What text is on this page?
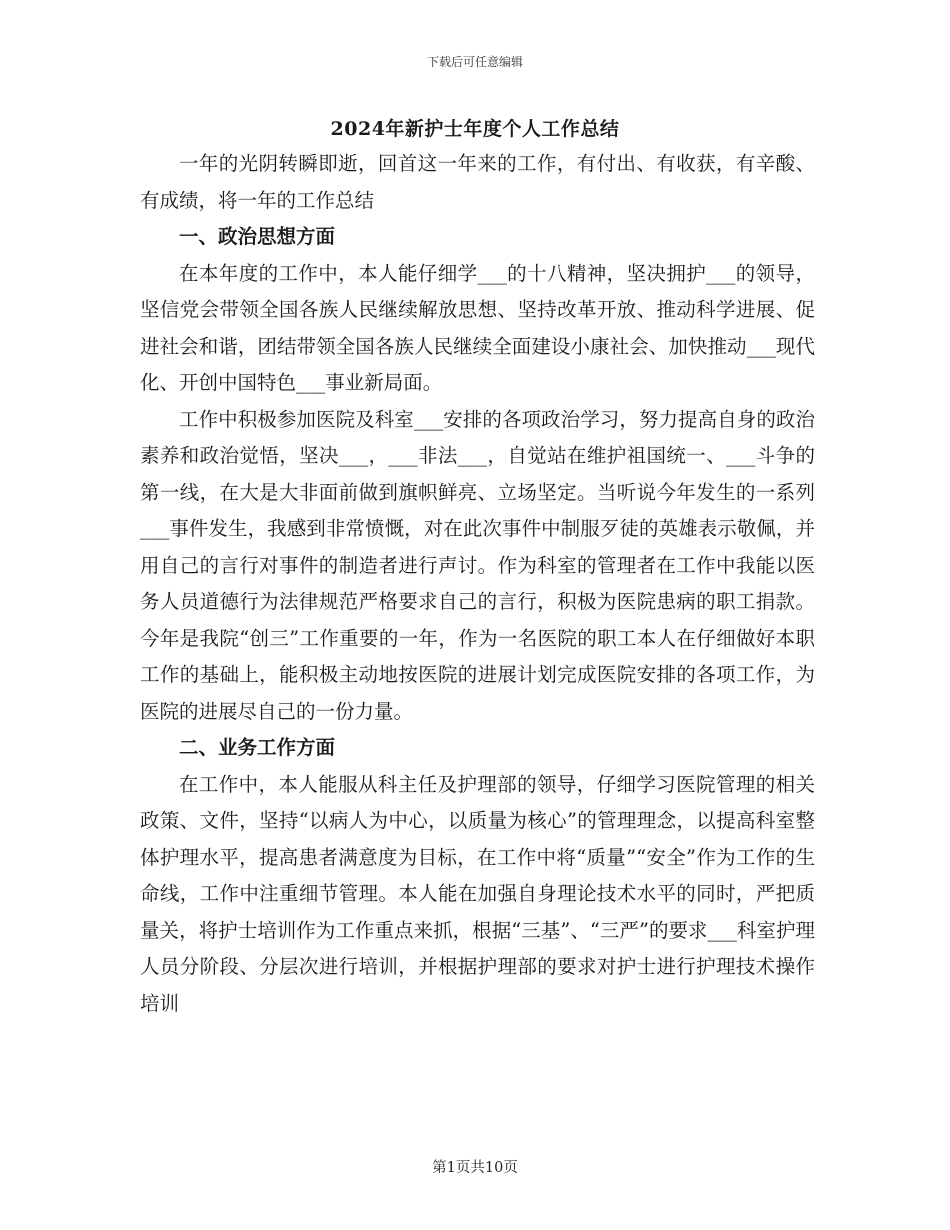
下载后可任意编辑
2024年新护士年度个人工作总结

一年的光阴转瞬即逝，回首这一年来的工作，有付出、有收获，有辛酸、有成绩，将一年的工作总结

一、政治思想方面

在本年度的工作中，本人能仔细学___的十八精神，坚决拥护___的领导，坚信党会带领全国各族人民继续解放思想、坚持改革开放、推动科学进展、促进社会和谐，团结带领全国各族人民继续全面建设小康社会、加快推动___现代化、开创中国特色___事业新局面。

工作中积极参加医院及科室___安排的各项政治学习，努力提高自身的政治素养和政治觉悟，坚决___，___非法___，自觉站在维护祖国统一、___斗争的第一线，在大是大非面前做到旗帜鲜亮、立场坚定。当听说今年发生的一系列___事件发生，我感到非常愤慨，对在此次事件中制服歹徒的英雄表示敬佩，并用自己的言行对事件的制造者进行声讨。作为科室的管理者在工作中我能以医务人员道德行为法律规范严格要求自己的言行，积极为医院患病的职工捐款。今年是我院“创三”工作重要的一年，作为一名医院的职工本人在仔细做好本职工作的基础上，能积极主动地按医院的进展计划完成医院安排的各项工作，为医院的进展尽自己的一份力量。

二、业务工作方面

在工作中，本人能服从科主任及护理部的领导，仔细学习医院管理的相关政策、文件，坚持“以病人为中心，以质量为核心”的管理理念，以提高科室整体护理水平，提高患者满意度为目标，在工作中将“质量”“安全”作为工作的生命线，工作中注重细节管理。本人能在加强自身理论技术水平的同时，严把质量关，将护士培训作为工作重点来抓，根据“三基”、“三严”的要求___科室护理人员分阶段、分层次进行培训，并根据护理部的要求对护士进行护理技术操作培训

第1页共10页
